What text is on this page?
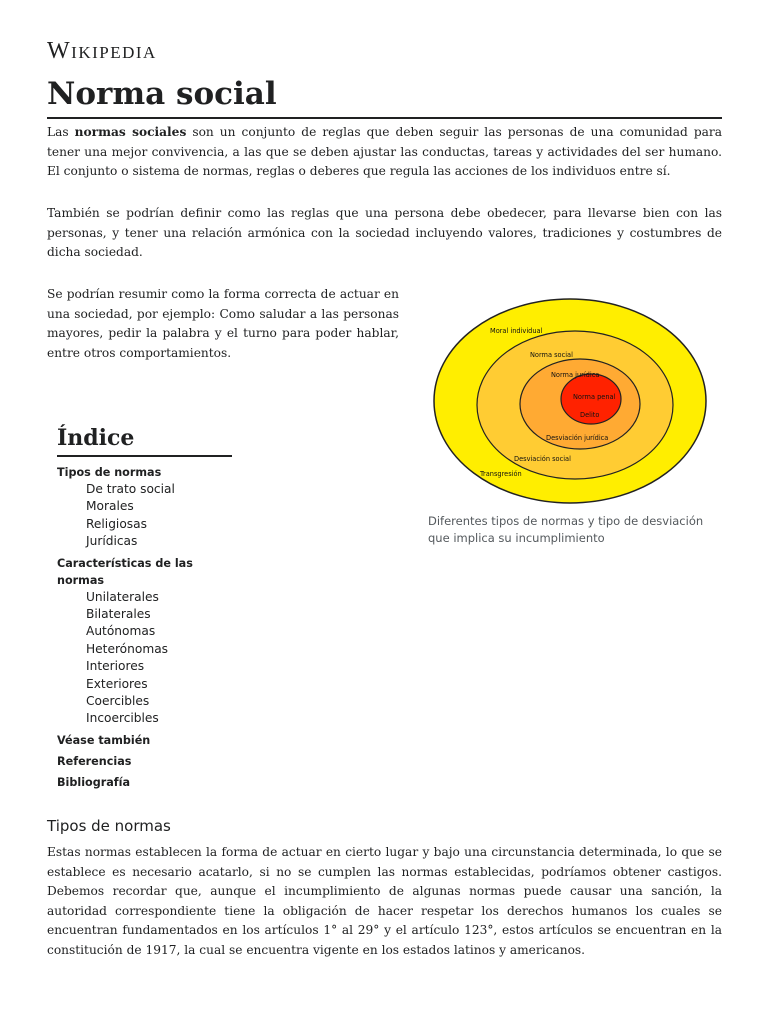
Wikipedia
Norma social

Las normas sociales son un conjunto de reglas que deben seguir las personas de una comunidad para tener una mejor convivencia, a las que se deben ajustar las conductas, tareas y actividades del ser humano. El conjunto o sistema de normas, reglas o deberes que regula las acciones de los individuos entre sí.

También se podrían definir como las reglas que una persona debe obedecer, para llevarse bien con las personas, y tener una relación armónica con la sociedad incluyendo valores, tradiciones y costumbres de dicha sociedad.

Se podrían resumir como la forma correcta de actuar en una sociedad, por ejemplo: Como saludar a las personas mayores, pedir la palabra y el turno para poder hablar, entre otros comportamientos.

Moral individual
Norma social
Norma jurídica
Norma penal
Delito
Desviación jurídica
Desviación social
Transgresión
Diferentes tipos de normas y tipo de desviación que implica su incumplimiento
Índice
Tipos de normas
De trato social
Morales
Religiosas
Jurídicas
Características de las normas
Unilaterales
Bilaterales
Autónomas
Heterónomas
Interiores
Exteriores
Coercibles
Incoercibles
Véase también
Referencias
Bibliografía
Tipos de normas

Estas normas establecen la forma de actuar en cierto lugar y bajo una circunstancia determinada, lo que se establece es necesario acatarlo, si no se cumplen las normas establecidas, podríamos obtener castigos. Debemos recordar que, aunque el incumplimiento de algunas normas puede causar una sanción, la autoridad correspondiente tiene la obligación de hacer respetar los derechos humanos los cuales se encuentran fundamentados en los artículos 1° al 29° y el artículo 123°, estos artículos se encuentran en la constitución de 1917, la cual se encuentra vigente en los estados latinos y americanos.
